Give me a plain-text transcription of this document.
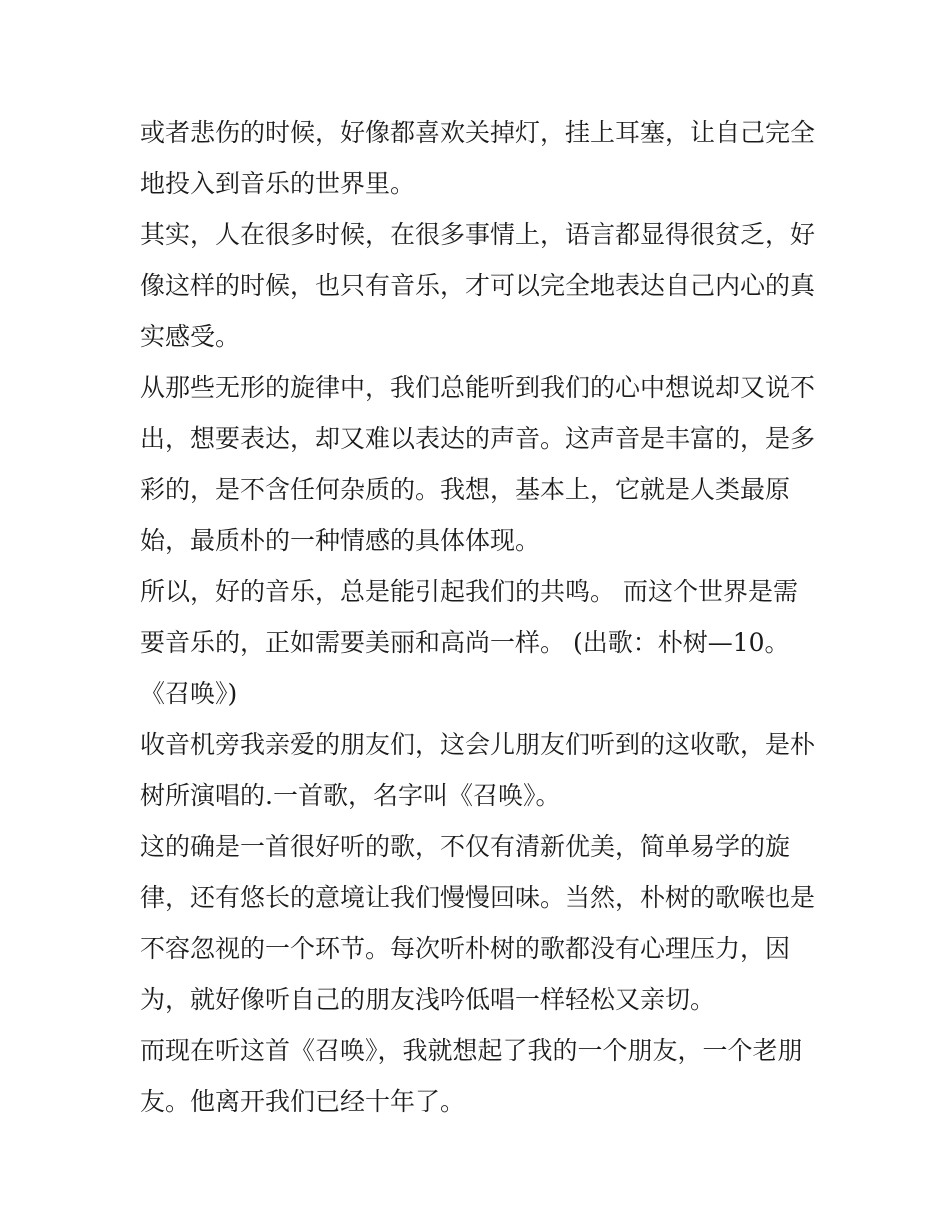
或者悲伤的时候，好像都喜欢关掉灯，挂上耳塞，让自己完全
地投入到音乐的世界里。
其实，人在很多时候，在很多事情上，语言都显得很贫乏，好
像这样的时候，也只有音乐，才可以完全地表达自己内心的真
实感受。
从那些无形的旋律中，我们总能听到我们的心中想说却又说不
出，想要表达，却又难以表达的声音。这声音是丰富的，是多
彩的，是不含任何杂质的。我想，基本上，它就是人类最原
始，最质朴的一种情感的具体体现。
所以，好的音乐，总是能引起我们的共鸣。 而这个世界是需
要音乐的，正如需要美丽和高尚一样。 (出歌：朴树—10。
《召唤》)
收音机旁我亲爱的朋友们，这会儿朋友们听到的这收歌，是朴
树所演唱的.一首歌，名字叫《召唤》。
这的确是一首很好听的歌，不仅有清新优美，简单易学的旋
律，还有悠长的意境让我们慢慢回味。当然，朴树的歌喉也是
不容忽视的一个环节。每次听朴树的歌都没有心理压力，因
为，就好像听自己的朋友浅吟低唱一样轻松又亲切。
而现在听这首《召唤》，我就想起了我的一个朋友，一个老朋
友。他离开我们已经十年了。
